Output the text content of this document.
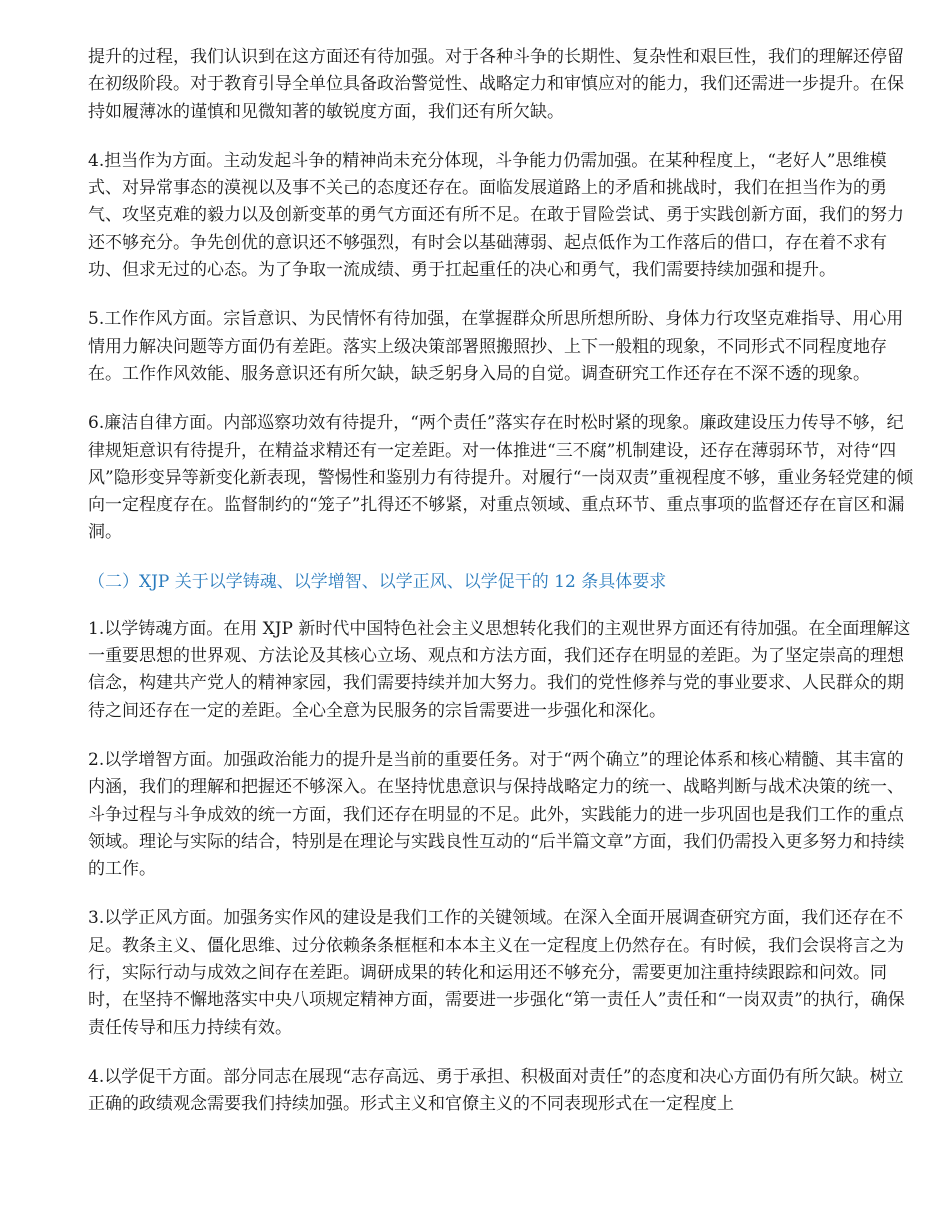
提升的过程，我们认识到在这方面还有待加强。对于各种斗争的长期性、复杂性和艰巨性，我们的理解还停留在初级阶段。对于教育引导全单位具备政治警觉性、战略定力和审慎应对的能力，我们还需进一步提升。在保持如履薄冰的谨慎和见微知著的敏锐度方面，我们还有所欠缺。

4.担当作为方面。主动发起斗争的精神尚未充分体现，斗争能力仍需加强。在某种程度上，“老好人”思维模式、对异常事态的漠视以及事不关己的态度还存在。面临发展道路上的矛盾和挑战时，我们在担当作为的勇气、攻坚克难的毅力以及创新变革的勇气方面还有所不足。在敢于冒险尝试、勇于实践创新方面，我们的努力还不够充分。争先创优的意识还不够强烈，有时会以基础薄弱、起点低作为工作落后的借口，存在着不求有功、但求无过的心态。为了争取一流成绩、勇于扛起重任的决心和勇气，我们需要持续加强和提升。

5.工作作风方面。宗旨意识、为民情怀有待加强，在掌握群众所思所想所盼、身体力行攻坚克难指导、用心用情用力解决问题等方面仍有差距。落实上级决策部署照搬照抄、上下一般粗的现象，不同形式不同程度地存在。工作作风效能、服务意识还有所欠缺，缺乏躬身入局的自觉。调查研究工作还存在不深不透的现象。

6.廉洁自律方面。内部巡察功效有待提升，“两个责任”落实存在时松时紧的现象。廉政建设压力传导不够，纪律规矩意识有待提升，在精益求精还有一定差距。对一体推进“三不腐”机制建设，还存在薄弱环节，对待“四风”隐形变异等新变化新表现，警惕性和鉴别力有待提升。对履行“一岗双责”重视程度不够，重业务轻党建的倾向一定程度存在。监督制约的“笼子”扎得还不够紧，对重点领域、重点环节、重点事项的监督还存在盲区和漏洞。

（二）XJP 关于以学铸魂、以学增智、以学正风、以学促干的 12 条具体要求

1.以学铸魂方面。在用 XJP 新时代中国特色社会主义思想转化我们的主观世界方面还有待加强。在全面理解这一重要思想的世界观、方法论及其核心立场、观点和方法方面，我们还存在明显的差距。为了坚定崇高的理想信念，构建共产党人的精神家园，我们需要持续并加大努力。我们的党性修养与党的事业要求、人民群众的期待之间还存在一定的差距。全心全意为民服务的宗旨需要进一步强化和深化。

2.以学增智方面。加强政治能力的提升是当前的重要任务。对于“两个确立”的理论体系和核心精髓、其丰富的内涵，我们的理解和把握还不够深入。在坚持忧患意识与保持战略定力的统一、战略判断与战术决策的统一、斗争过程与斗争成效的统一方面，我们还存在明显的不足。此外，实践能力的进一步巩固也是我们工作的重点领域。理论与实际的结合，特别是在理论与实践良性互动的“后半篇文章”方面，我们仍需投入更多努力和持续的工作。

3.以学正风方面。加强务实作风的建设是我们工作的关键领域。在深入全面开展调查研究方面，我们还存在不足。教条主义、僵化思维、过分依赖条条框框和本本主义在一定程度上仍然存在。有时候，我们会误将言之为行，实际行动与成效之间存在差距。调研成果的转化和运用还不够充分，需要更加注重持续跟踪和问效。同时，在坚持不懈地落实中央八项规定精神方面，需要进一步强化“第一责任人”责任和“一岗双责”的执行，确保责任传导和压力持续有效。

4.以学促干方面。部分同志在展现“志存高远、勇于承担、积极面对责任”的态度和决心方面仍有所欠缺。树立正确的政绩观念需要我们持续加强。形式主义和官僚主义的不同表现形式在一定程度上
